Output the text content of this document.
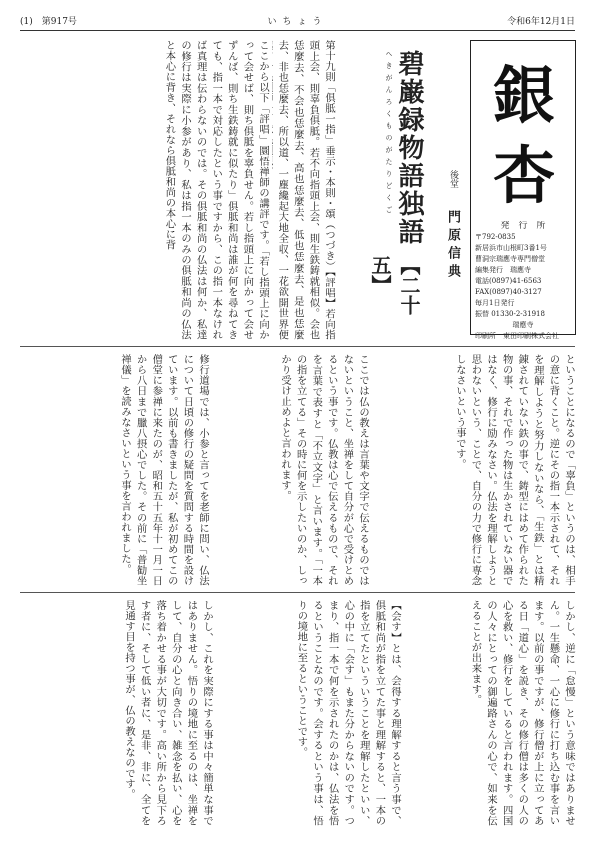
(1)　第917号	いちょう	令和6年12月1日
銀
杏
発　行　所
〒792-0835
新居浜市山根町3番1号
曹洞宗瑞應寺専門僧堂
編集発行　瑞應寺
電話(0897)41-6563
FAX(0897)40-3127
毎月1日発行
振替 01330-2-31918
瑞應寺
印刷所　東田印刷株式会社
へきがんろくものがたりどくご 碧巌録物語独語
【二十五】
後堂
門原信典
第十九則「俱胝一指」垂示・本則・頌（つづき）【評唱】若向指頭上会、則辜負俱胝。若不向指頭上会、則生鉄鋳就相似。会也恁麼去、不会也恁麼去、高也恁麼去、低也恁麼去、是也恁麼去、非也恁麼去、所以道、一塵纔起大地全収、一花欲開世界便
ここから以下「評唱」圜悟禅師の講評です。「若し指頭上に向かって会せば、則ち俱胝を辜負せん。若し指頭上に向かって会せずんば、則ち生鉄鋳就に似たり」俱胝和尚は誰が何を尋ねてきても、指一本で対応したという事ですから、この指一本なければ真理は伝わらないのでは。その俱胝和尚の仏法は何か、私達の修行は実際に小参があり、私は指一本のみの俱胝和尚の仏法と本心に背き、それなら俱胝和尚の本心に背
ということになるので「辜負」というのは、相手の意に背くこと。逆にその指一本示されて、それを理解しようと努力しないなら、「生鉄」とは精錬されていない鉄の事で、鋳型にはめて作られた物の事、それで作った物は生かされていない器ではなく、修行に励みなさい。仏法を理解しようと思わないという、ことで、自分の力で修行に専念しなさいという事です。
修行道場では、小参と言ってを老師に問い、仏法について日頃の修行の疑問を質問する時間を設けています。以前も書きましたが、私が初めてこの僧堂に参禅に来たのが、昭和五十五年十一月一日から八日まで臘八摂心でした。その前に「普勧坐禅儀」を読みなさいという事を言われました。	ここでは仏の教えは言葉や文字で伝えるものではないということ、坐禅をして自分が心で受けとめるという事です。仏教は心で伝えるもので、それを言葉で表すと「不立文字」と言います。「一本の指を立てる」その時に何を示したいのか、しっかり受け止めよと言われます。
しかし、逆に「怠慢」という意味ではありません。一生懸命、一心に修行に打ち込む事を言います。以前の事ですが、修行僧が上に立ってある日「道心」を説き、その修行僧は多くの人の心を救い、修行をしていると言われます。四国の人々にとっての御遍路さんの心で、如来を伝えることが出来ます。
【会す】とは、会得する理解すると言う事で、俱胝和尚が指を立てた事と理解すると、一本の指を立てたといういうことを理解したといい、心の中に「会す」もまた分からないのです。つまり、指一本で何を示されたのかは、仏法を悟るということなのです。会するという事は、悟りの境地に至るということです。
しかし、これを実際にする事は中々簡単な事ではありません。悟りの境地に至るのは、坐禅をして、自分の心と向き合い、雑念を払い、心を落ち着かせる事が大切です。高い所から見下ろす者に、そして低い者に、是非、非に、全てを見通す目を持つ事が、仏の教えなのです。
